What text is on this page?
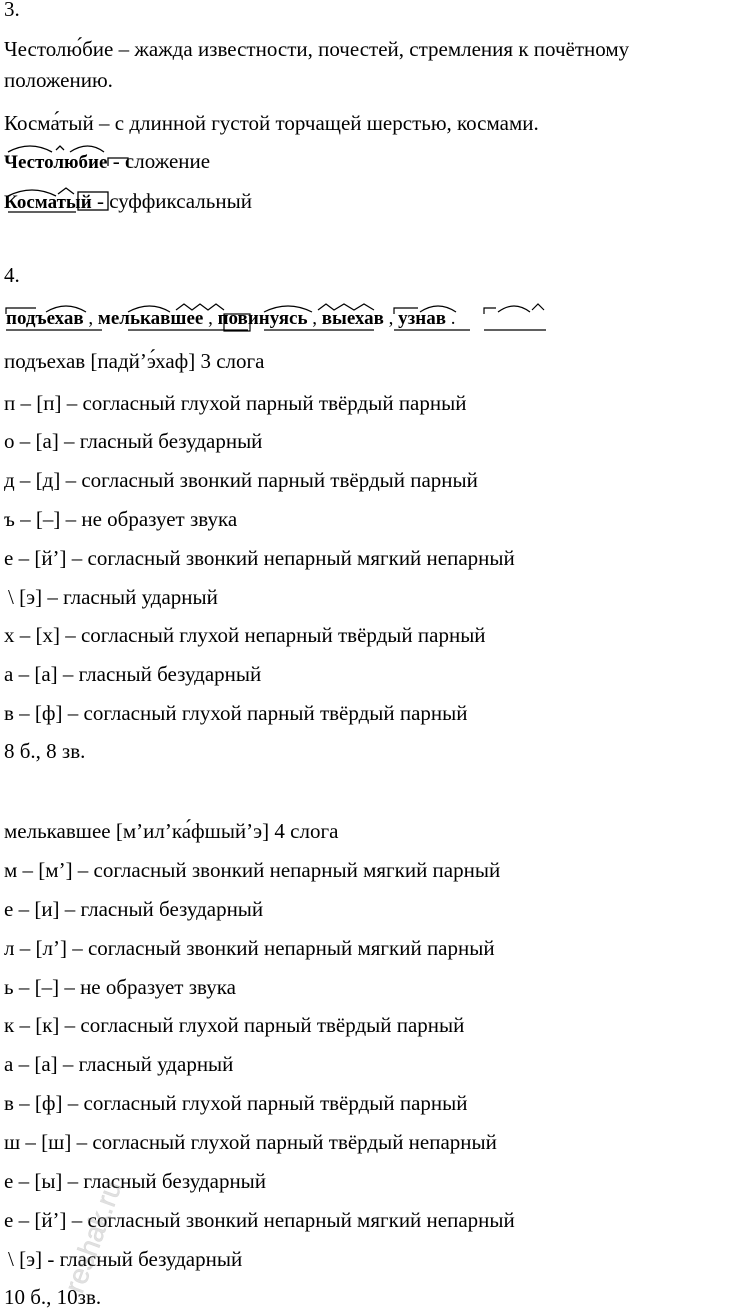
3.
Честолю́бие – жажда известности, почестей, стремления к почётному положению.
Косма́тый – с длинной густой торчащей шерстью, космами.
Честолюбие - сложение
Косматый - суффиксальный
4.
подъехав , мелькавшее , повинуясь , выехав , узнав .
подъехав [падй’э́хаф] 3 слога
п – [п] – согласный глухой парный твёрдый парный
о – [а] – гласный безударный
д – [д] – согласный звонкий парный твёрдый парный
ъ – [–] – не образует звука
е – [й’] – согласный звонкий непарный мягкий непарный
\ [э] – гласный ударный
х – [х] – согласный глухой непарный твёрдый парный
а – [а] – гласный безударный
в – [ф] – согласный глухой парный твёрдый парный
8 б., 8 зв.
мелькавшее [м’ил’ка́фшый’э] 4 слога
м – [м’] – согласный звонкий непарный мягкий парный
е – [и] – гласный безударный
л – [л’] – согласный звонкий непарный мягкий парный
ь – [–] – не образует звука
к – [к] – согласный глухой парный твёрдый парный
а – [а] – гласный ударный
в – [ф] – согласный глухой парный твёрдый парный
ш – [ш] – согласный глухой парный твёрдый непарный
е – [ы] – гласный безударный
е – [й’] – согласный звонкий непарный мягкий непарный
\ [э] - гласный безударный
10 б., 10зв.
reshak.ru
